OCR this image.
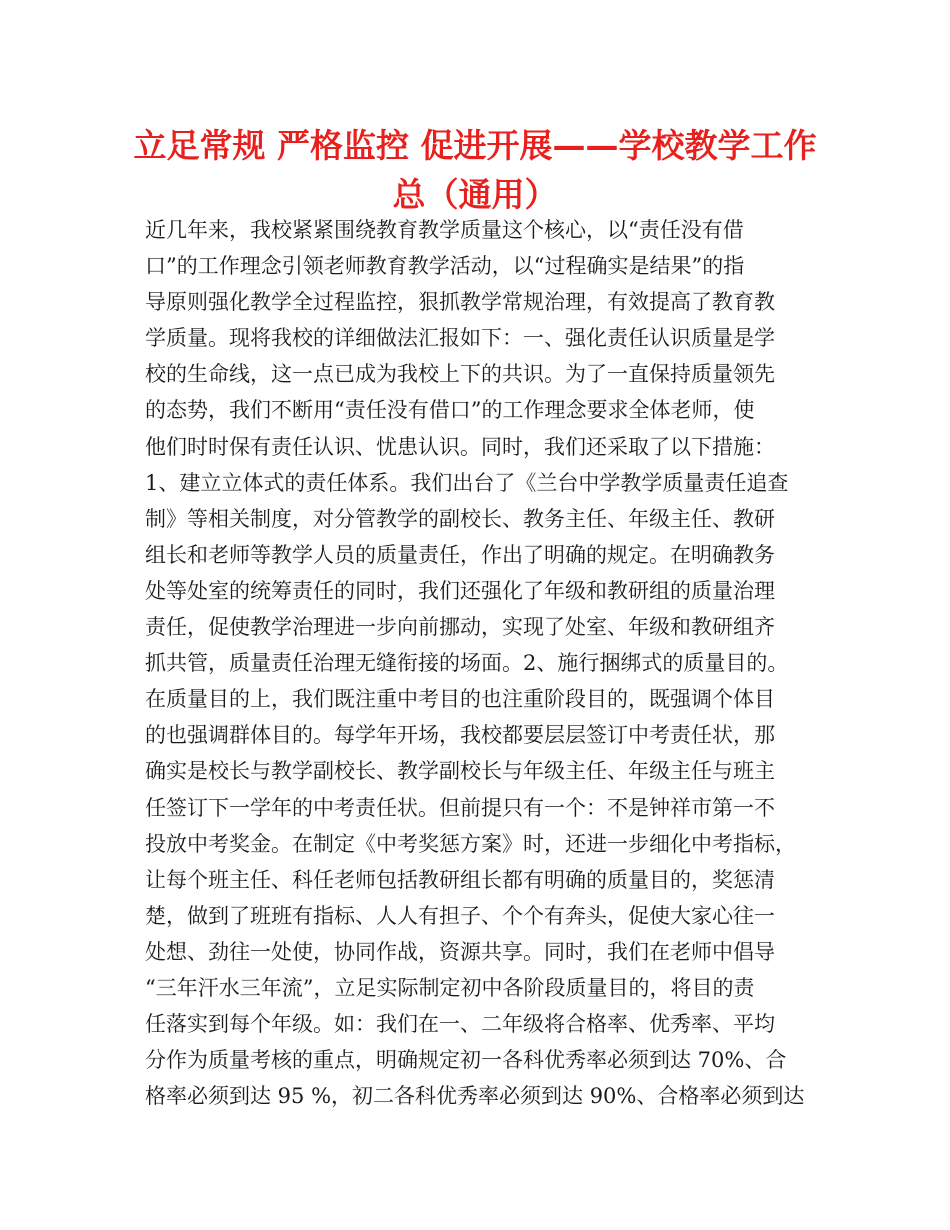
立足常规 严格监控 促进开展——学校教学工作
总（通用）
近几年来，我校紧紧围绕教育教学质量这个核心，以“责任没有借
口”的工作理念引领老师教育教学活动，以“过程确实是结果”的指
导原则强化教学全过程监控，狠抓教学常规治理，有效提高了教育教
学质量。现将我校的详细做法汇报如下：一、强化责任认识质量是学
校的生命线，这一点已成为我校上下的共识。为了一直保持质量领先
的态势，我们不断用“责任没有借口”的工作理念要求全体老师，使
他们时时保有责任认识、忧患认识。同时，我们还采取了以下措施：
1、建立立体式的责任体系。我们出台了《兰台中学教学质量责任追查
制》等相关制度，对分管教学的副校长、教务主任、年级主任、教研
组长和老师等教学人员的质量责任，作出了明确的规定。在明确教务
处等处室的统筹责任的同时，我们还强化了年级和教研组的质量治理
责任，促使教学治理进一步向前挪动，实现了处室、年级和教研组齐
抓共管，质量责任治理无缝衔接的场面。2、施行捆绑式的质量目的。
在质量目的上，我们既注重中考目的也注重阶段目的，既强调个体目
的也强调群体目的。每学年开场，我校都要层层签订中考责任状，那
确实是校长与教学副校长、教学副校长与年级主任、年级主任与班主
任签订下一学年的中考责任状。但前提只有一个：不是钟祥市第一不
投放中考奖金。在制定《中考奖惩方案》时，还进一步细化中考指标，
让每个班主任、科任老师包括教研组长都有明确的质量目的，奖惩清
楚，做到了班班有指标、人人有担子、个个有奔头，促使大家心往一
处想、劲往一处使，协同作战，资源共享。同时，我们在老师中倡导
“三年汗水三年流”，立足实际制定初中各阶段质量目的，将目的责
任落实到每个年级。如：我们在一、二年级将合格率、优秀率、平均
分作为质量考核的重点，明确规定初一各科优秀率必须到达 70%、合
格率必须到达 95 %，初二各科优秀率必须到达 90%、合格率必须到达
